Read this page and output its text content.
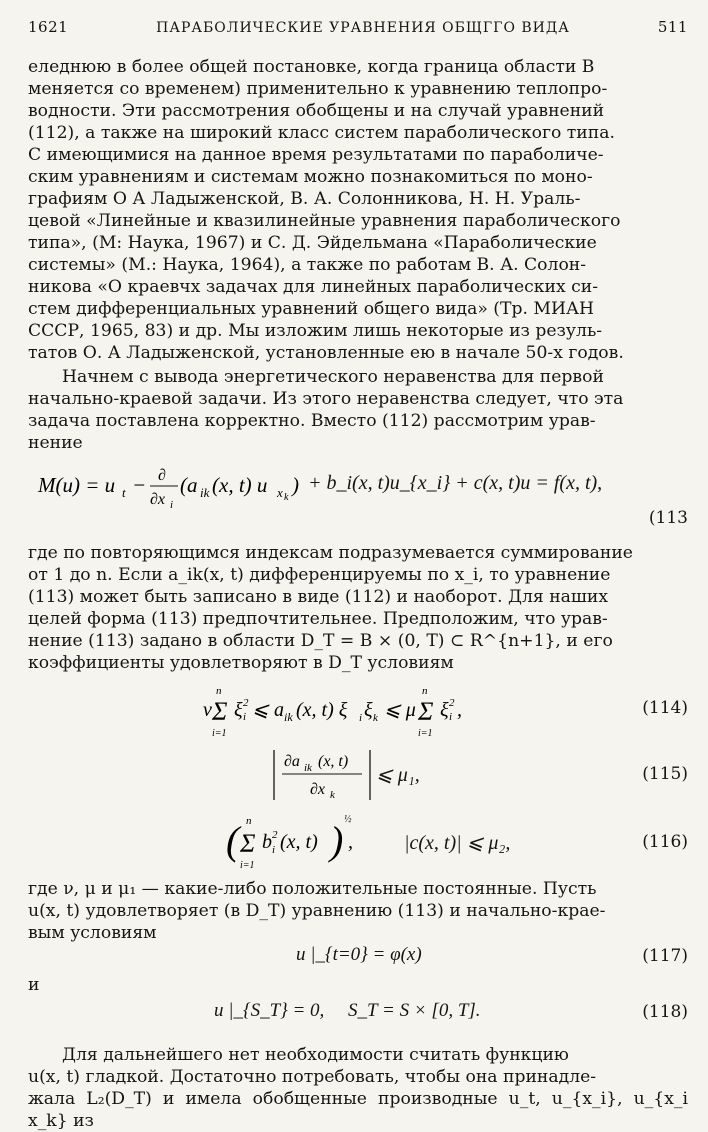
1621	ПАРАБОЛИЧЕСКИЕ УРАВНЕНИЯ ОБЩГГО ВИДА	511
еледнюю в более общей постановке, когда граница области B
меняется со временем) применительно к уравнению теплопро-
водности. Эти рассмотрения обобщены и на случай уравнений
(112), а также на широкий класс систем параболического типа.
С имеющимися на данное время результатами по параболиче-
ским уравнениям и системам можно познакомиться по моно-
графиям О А Ладыженской, В. А. Солонникова, Н. Н. Ураль-
цевой «Линейные и квазилинейные уравнения параболического
типа», (М: Наука, 1967) и С. Д. Эйдельмана «Параболические
системы» (М.: Наука, 1964), а также по работам В. А. Солон-
никова «О краевчх задачах для линейных параболических си-
стем дифференциальных уравнений общего вида» (Тр. МИАН
СССР, 1965, 83) и др. Мы изложим лишь некоторые из резуль-
татов О. А Ладыженской, установленные ею в начале 50-х годов.
Начнем с вывода энергетического неравенства для первой
начально-краевой задачи. Из этого неравенства следует, что эта
задача поставлена корректно. Вместо (112) рассмотрим урав-
нение
M(u) = u t − ∂
∂x i
(a ik (x, t) u x k
) + b_i(x, t)u_{x_i} + c(x, t)u = f(x, t),
(113
где по повторяющимся индексам подразумевается суммирование
от 1 до n. Если a_ik(x, t) дифференцируемы по x_i, то уравнение
(113) может быть записано в виде (112) и наоборот. Для наших
целей форма (113) предпочтительнее. Предположим, что урав-
нение (113) задано в области D_T = B × (0, T) ⊂ R^{n+1}, и его
коэффициенты удовлетворяют в D_T условиям
ν
n
Σ
i=1
ξ 2
i ⩽ a ik (x, t) ξ i ξ k ⩽ μ
n
Σ
i=1
ξ 2
i ,	(114)
∂a ik (x, t)
∂x k
⩽ μ₁,	(115)
( n
Σ
i=1
b 2
i (x, t) ) ½
,	|c(x, t)| ⩽ μ₂,	(116)
где ν, μ и μ₁ — какие-либо положительные постоянные. Пусть
u(x, t) удовлетворяет (в D_T) уравнению (113) и начально-крае-
вым условиям
u |_{t=0} = φ(x)	(117)
и
u |_{S_T} = 0,     S_T = S × [0, T].	(118)
Для дальнейшего нет необходимости считать функцию
u(x, t) гладкой. Достаточно потребовать, чтобы она принадле-
жала L₂(D_T) и имела обобщенные производные u_t, u_{x_i}, u_{x_i x_k} из
